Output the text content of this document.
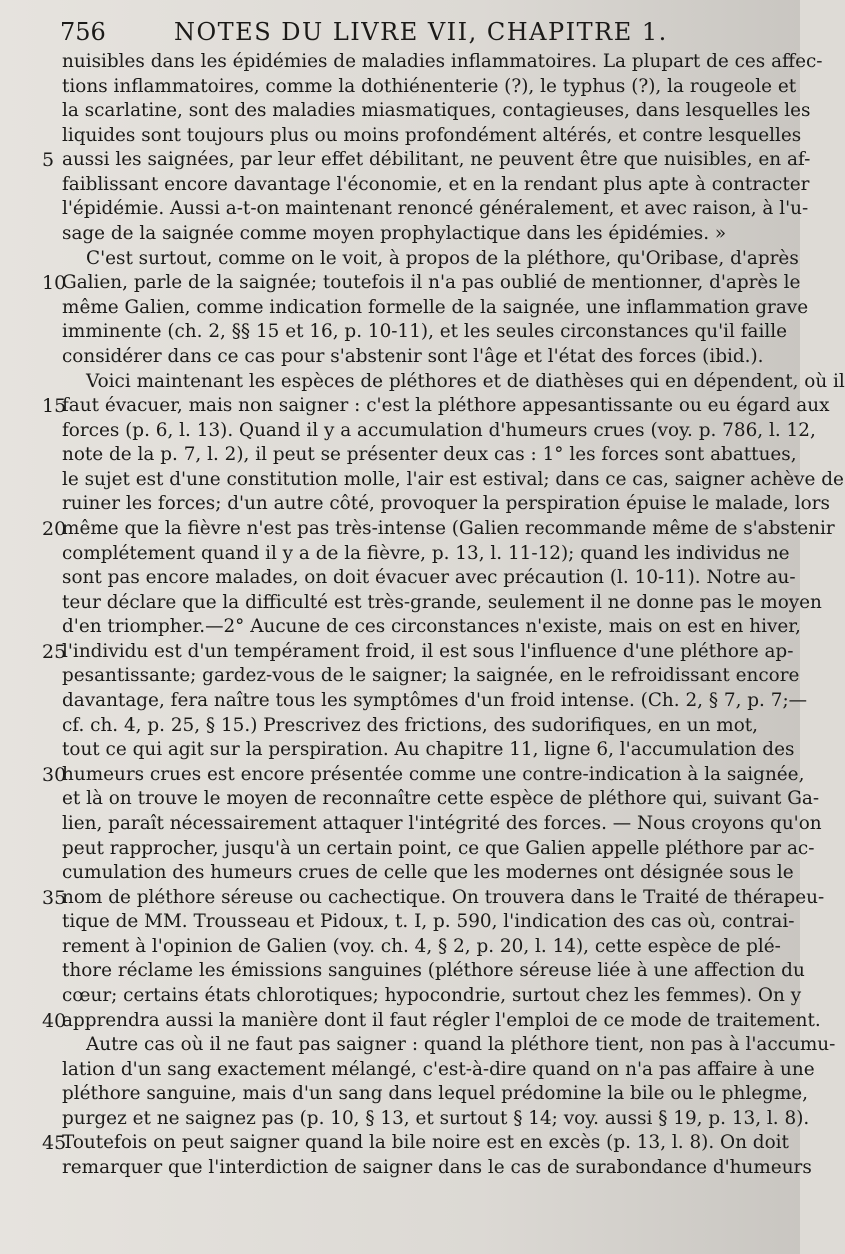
756	NOTES DU LIVRE VII, CHAPITRE 1.
nuisibles dans les épidémies de maladies inflammatoires. La plupart de ces affec-
tions inflammatoires, comme la dothiénenterie (?), le typhus (?), la rougeole et
la scarlatine, sont des maladies miasmatiques, contagieuses, dans lesquelles les
liquides sont toujours plus ou moins profondément altérés, et contre lesquelles
5 aussi les saignées, par leur effet débilitant, ne peuvent être que nuisibles, en af-
faiblissant encore davantage l'économie, et en la rendant plus apte à contracter
l'épidémie. Aussi a-t-on maintenant renoncé généralement, et avec raison, à l'u-
sage de la saignée comme moyen prophylactique dans les épidémies. »
C'est surtout, comme on le voit, à propos de la pléthore, qu'Oribase, d'après
10
Galien, parle de la saignée; toutefois il n'a pas oublié de mentionner, d'après le
même Galien, comme indication formelle de la saignée, une inflammation grave
imminente (ch. 2, §§ 15 et 16, p. 10-11), et les seules circonstances qu'il faille
considérer dans ce cas pour s'abstenir sont l'âge et l'état des forces (ibid.).
Voici maintenant les espèces de pléthores et de diathèses qui en dépendent, où il
15
faut évacuer, mais non saigner : c'est la pléthore appesantissante ou eu égard aux
forces (p. 6, l. 13). Quand il y a accumulation d'humeurs crues (voy. p. 786, l. 12,
note de la p. 7, l. 2), il peut se présenter deux cas : 1° les forces sont abattues,
le sujet est d'une constitution molle, l'air est estival; dans ce cas, saigner achève de
ruiner les forces; d'un autre côté, provoquer la perspiration épuise le malade, lors
20
même que la fièvre n'est pas très-intense (Galien recommande même de s'abstenir
complétement quand il y a de la fièvre, p. 13, l. 11-12); quand les individus ne
sont pas encore malades, on doit évacuer avec précaution (l. 10-11). Notre au-
teur déclare que la difficulté est très-grande, seulement il ne donne pas le moyen
d'en triompher.—2° Aucune de ces circonstances n'existe, mais on est en hiver,
25
l'individu est d'un tempérament froid, il est sous l'influence d'une pléthore ap-
pesantissante; gardez-vous de le saigner; la saignée, en le refroidissant encore
davantage, fera naître tous les symptômes d'un froid intense. (Ch. 2, § 7, p. 7;—
cf. ch. 4, p. 25, § 15.) Prescrivez des frictions, des sudorifiques, en un mot,
tout ce qui agit sur la perspiration. Au chapitre 11, ligne 6, l'accumulation des
30
humeurs crues est encore présentée comme une contre-indication à la saignée,
et là on trouve le moyen de reconnaître cette espèce de pléthore qui, suivant Ga-
lien, paraît nécessairement attaquer l'intégrité des forces. — Nous croyons qu'on
peut rapprocher, jusqu'à un certain point, ce que Galien appelle pléthore par ac-
cumulation des humeurs crues de celle que les modernes ont désignée sous le
35
nom de pléthore séreuse ou cachectique. On trouvera dans le Traité de thérapeu-
tique de MM. Trousseau et Pidoux, t. I, p. 590, l'indication des cas où, contrai-
rement à l'opinion de Galien (voy. ch. 4, § 2, p. 20, l. 14), cette espèce de plé-
thore réclame les émissions sanguines (pléthore séreuse liée à une affection du
cœur; certains états chlorotiques; hypocondrie, surtout chez les femmes). On y
40
apprendra aussi la manière dont il faut régler l'emploi de ce mode de traitement.
Autre cas où il ne faut pas saigner : quand la pléthore tient, non pas à l'accumu-
lation d'un sang exactement mélangé, c'est-à-dire quand on n'a pas affaire à une
pléthore sanguine, mais d'un sang dans lequel prédomine la bile ou le phlegme,
purgez et ne saignez pas (p. 10, § 13, et surtout § 14; voy. aussi § 19, p. 13, l. 8).
45
Toutefois on peut saigner quand la bile noire est en excès (p. 13, l. 8). On doit
remarquer que l'interdiction de saigner dans le cas de surabondance d'humeurs
